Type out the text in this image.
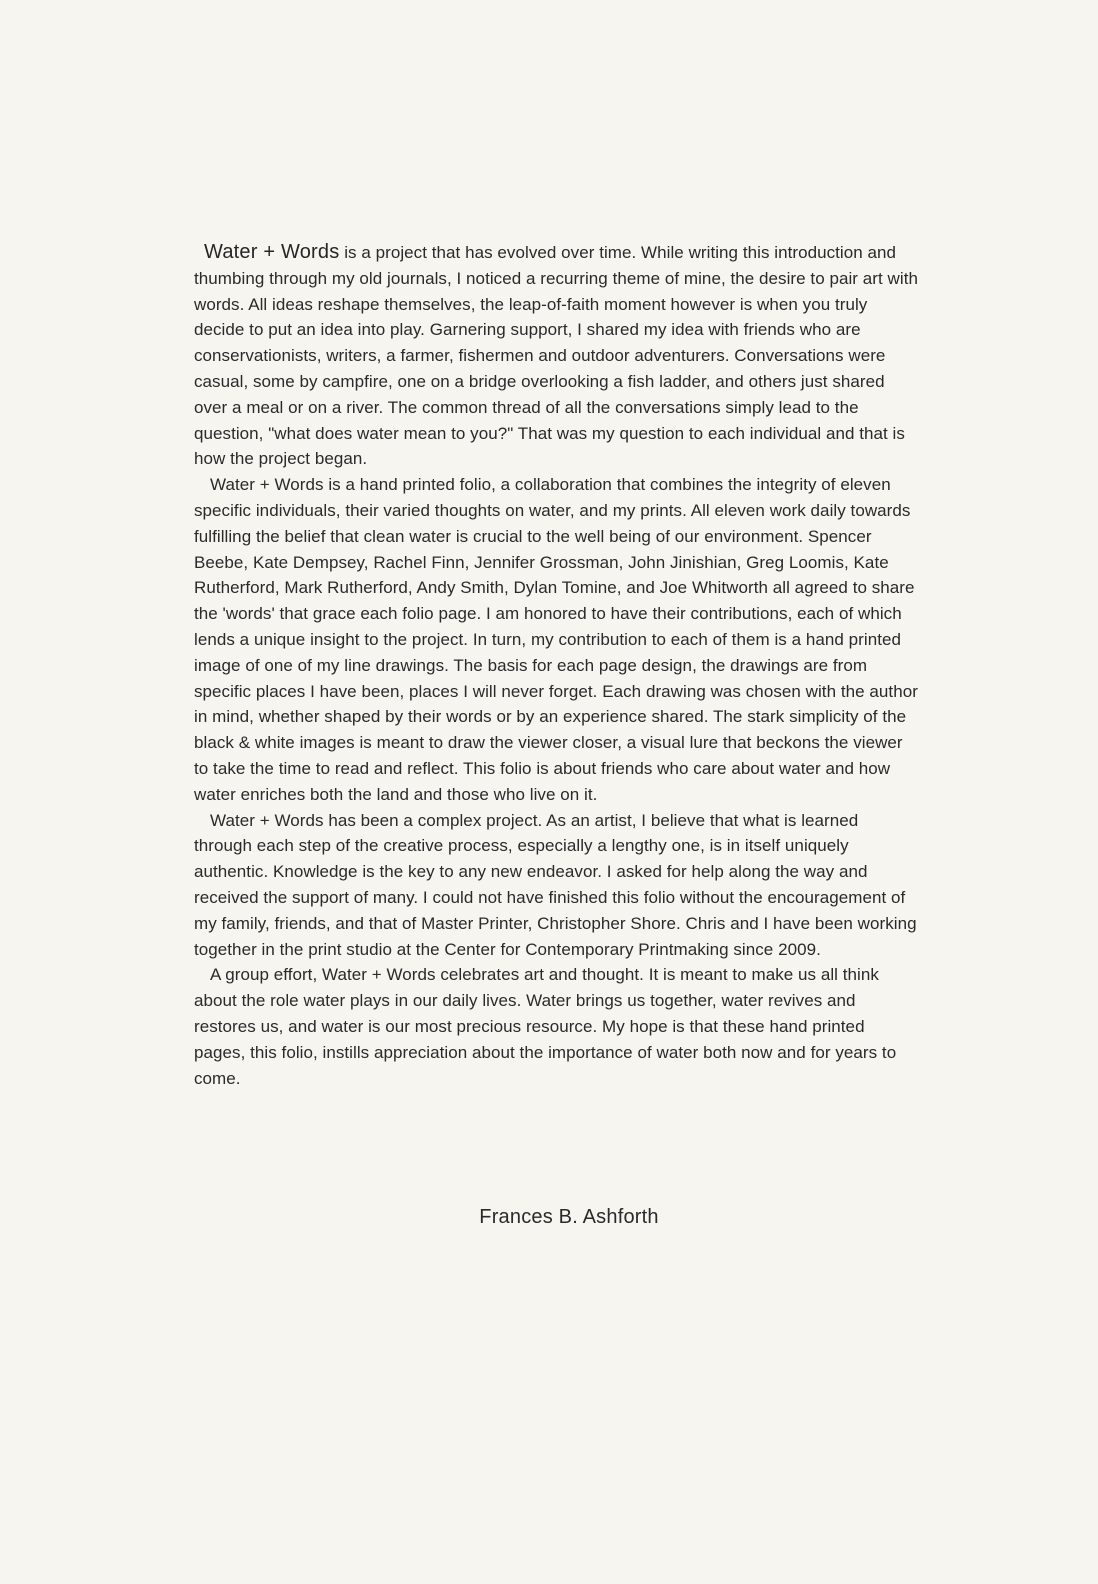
Water + Words is a project that has evolved over time. While writing this introduction and thumbing through my old journals, I noticed a recurring theme of mine, the desire to pair art with words. All ideas reshape themselves, the leap-of-faith moment however is when you truly decide to put an idea into play. Garnering support, I shared my idea with friends who are conservationists, writers, a farmer, fishermen and outdoor adventurers. Conversations were casual, some by campfire, one on a bridge overlooking a fish ladder, and others just shared over a meal or on a river. The common thread of all the conversations simply lead to the question, "what does water mean to you?" That was my question to each individual and that is how the project began.

Water + Words is a hand printed folio, a collaboration that combines the integrity of eleven specific individuals, their varied thoughts on water, and my prints. All eleven work daily towards fulfilling the belief that clean water is crucial to the well being of our environment. Spencer Beebe, Kate Dempsey, Rachel Finn, Jennifer Grossman, John Jinishian, Greg Loomis, Kate Rutherford, Mark Rutherford, Andy Smith, Dylan Tomine, and Joe Whitworth all agreed to share the 'words' that grace each folio page. I am honored to have their contributions, each of which lends a unique insight to the project. In turn, my contribution to each of them is a hand printed image of one of my line drawings. The basis for each page design, the drawings are from specific places I have been, places I will never forget. Each drawing was chosen with the author in mind, whether shaped by their words or by an experience shared. The stark simplicity of the black & white images is meant to draw the viewer closer, a visual lure that beckons the viewer to take the time to read and reflect. This folio is about friends who care about water and how water enriches both the land and those who live on it.

Water + Words has been a complex project. As an artist, I believe that what is learned through each step of the creative process, especially a lengthy one, is in itself uniquely authentic. Knowledge is the key to any new endeavor. I asked for help along the way and received the support of many. I could not have finished this folio without the encouragement of my family, friends, and that of Master Printer, Christopher Shore. Chris and I have been working together in the print studio at the Center for Contemporary Printmaking since 2009.

A group effort, Water + Words celebrates art and thought. It is meant to make us all think about the role water plays in our daily lives. Water brings us together, water revives and restores us, and water is our most precious resource. My hope is that these hand printed pages, this folio, instills appreciation about the importance of water both now and for years to come.

Frances B. Ashforth
